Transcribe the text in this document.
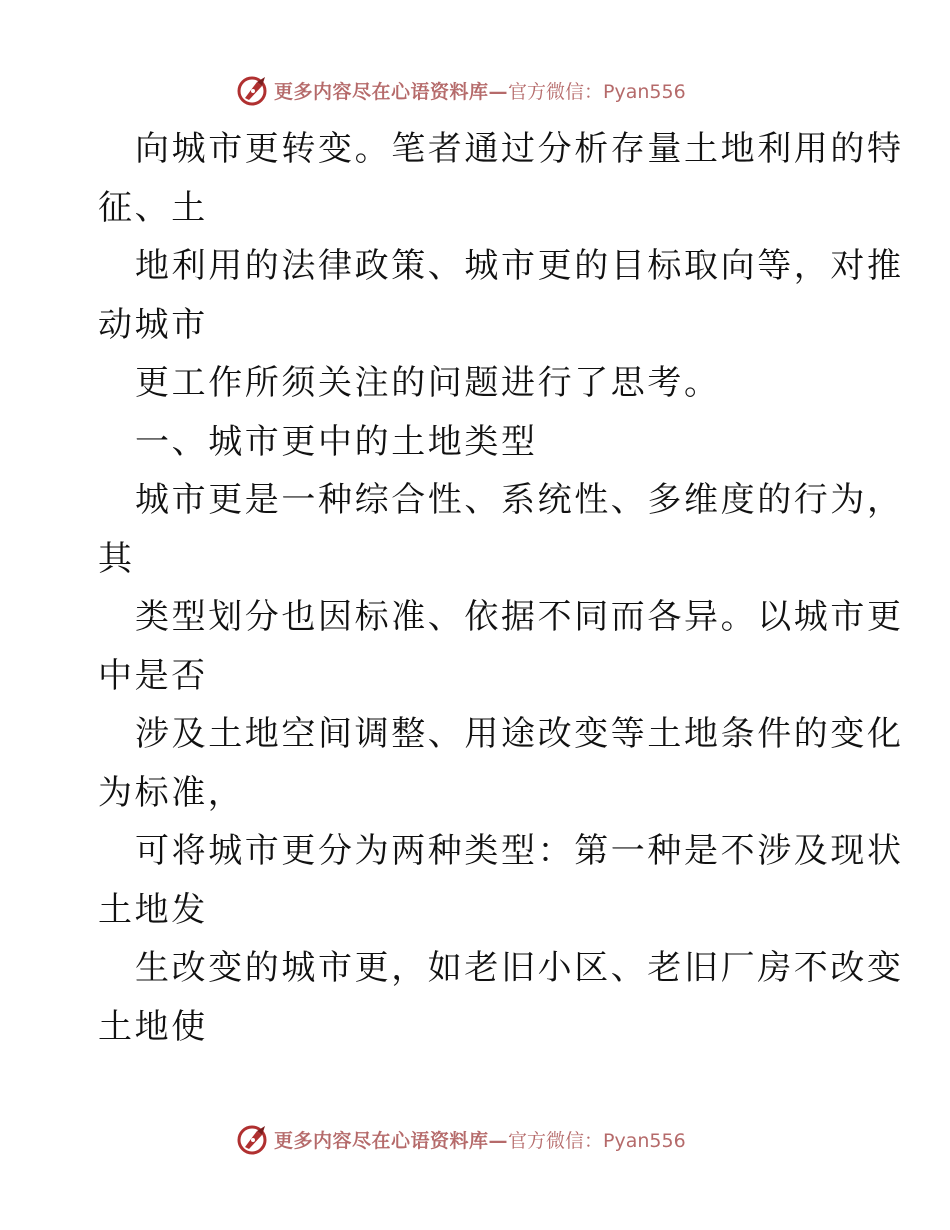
更多内容尽在心语资料库— 官方微信：Pyan556
向城市更转变。笔者通过分析存量土地利用的特
征、土
地利用的法律政策、城市更的目标取向等，对推
动城市
更工作所须关注的问题进行了思考。
一、城市更中的土地类型
城市更是一种综合性、系统性、多维度的行为，
其
类型划分也因标准、依据不同而各异。以城市更
中是否
涉及土地空间调整、用途改变等土地条件的变化
为标准，
可将城市更分为两种类型：第一种是不涉及现状
土地发
生改变的城市更，如老旧小区、老旧厂房不改变
土地使
更多内容尽在心语资料库— 官方微信：Pyan556
